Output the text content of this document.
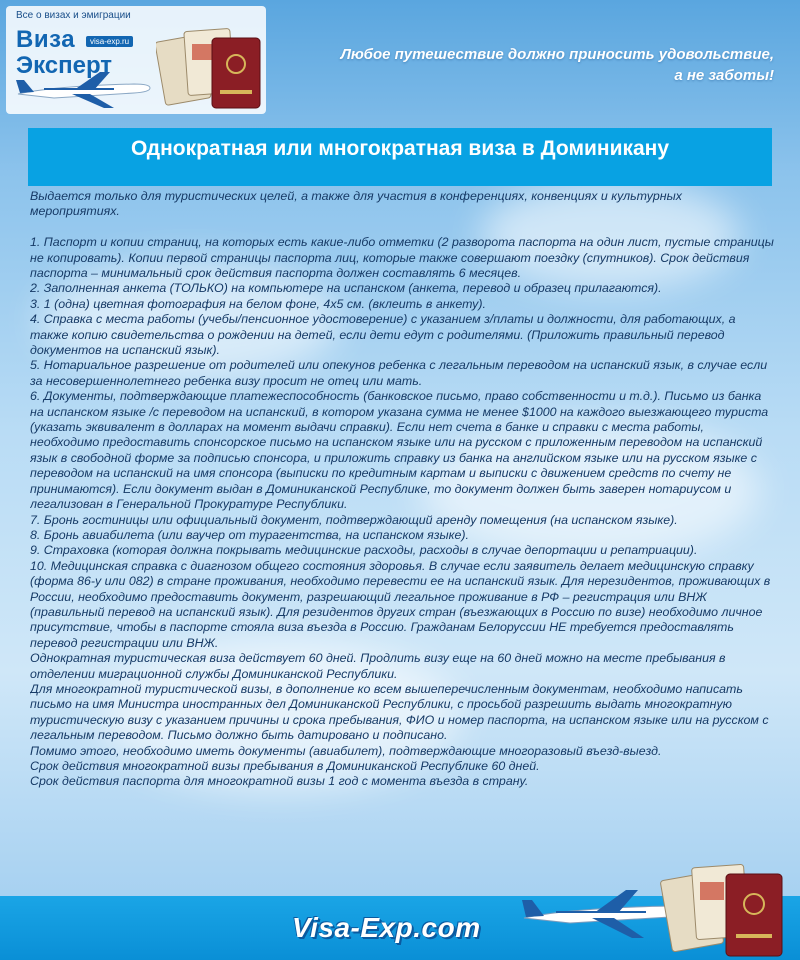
Все о визах и эмиграции
Виза	visa-exp.ru
Эксперт	Любое путешествие должно приносить удовольствие,
а не заботы!
Однократная или многократная виза в Доминикану

Выдается только для туристических целей, а также для участия в конференциях, конвенциях и культурных мероприятиях.

1. Паспорт и копии страниц, на которых есть какие-либо отметки (2 разворота паспорта на один лист, пустые страницы не копировать). Копии первой страницы паспорта лиц, которые также совершают поездку (спутников). Срок действия паспорта – минимальный срок действия паспорта должен составлять 6 месяцев.

2. Заполненная анкета (ТОЛЬКО) на компьютере на испанском (анкета, перевод и образец прилагаются).

3. 1 (одна) цветная фотография на белом фоне, 4х5 см. (вклеить в анкету).

4. Справка с места работы (учебы/пенсионное удостоверение) с указанием з/платы и должности, для работающих, а также копию свидетельства о рождении на детей, если дети едут с родителями. (Приложить правильный перевод документов на испанский язык).

5. Нотариальное разрешение от родителей или опекунов ребенка с легальным переводом на испанский язык, в случае если за несовершеннолетнего ребенка визу просит не отец или мать.

6. Документы, подтверждающие платежеспособность (банковское письмо, право собственности и т.д.). Письмо из банка на испанском языке /с переводом на испанский, в котором указана сумма не менее $1000 на каждого выезжающего туриста (указать эквивалент в долларах на момент выдачи справки). Если нет счета в банке и справки с места работы, необходимо предоставить спонсорское письмо на испанском языке или на русском с приложенным переводом на испанский язык в свободной форме за подписью спонсора, и приложить справку из банка на английском языке или на русском языке с переводом на испанский на имя спонсора (выписки по кредитным картам и выписки с движением средств по счету не принимаются). Если документ выдан в Доминиканской Республике, то документ должен быть заверен нотариусом и легализован в Генеральной Прокуратуре Республики.

7. Бронь гостиницы или официальный документ, подтверждающий аренду помещения (на испанском языке).

8. Бронь авиабилета (или ваучер от турагентства, на испанском языке).

9. Страховка (которая должна покрывать медицинские расходы, расходы в случае депортации и репатриации).

10. Медицинская справка с диагнозом общего состояния здоровья. В случае если заявитель делает медицинскую справку (форма 86-у или 082) в стране проживания, необходимо перевести ее на испанский язык. Для нерезидентов, проживающих в России, необходимо предоставить документ, разрешающий легальное проживание в РФ – регистрация или ВНЖ (правильный перевод на испанский язык). Для резидентов других стран (въезжающих в Россию по визе) необходимо личное присутствие, чтобы в паспорте стояла виза въезда в Россию. Гражданам Белоруссии НЕ требуется предоставлять перевод регистрации или ВНЖ.

Однократная туристическая виза действует 60 дней. Продлить визу еще на 60 дней можно на месте пребывания в отделении миграционной службы Доминиканской Республики.

Для многократной туристической визы, в дополнение ко всем вышеперечисленным документам, необходимо написать письмо на имя Министра иностранных дел Доминиканской Республики, с просьбой разрешить выдать многократную туристическую визу с указанием причины и срока пребывания, ФИО и номер паспорта, на испанском языке или на русском с легальным переводом. Письмо должно быть датировано и подписано.

Помимо этого, необходимо иметь документы (авиабилет), подтверждающие многоразовый въезд-выезд.

Срок действия многократной визы пребывания в Доминиканской Республике 60 дней.

Срок действия паспорта для многократной визы 1 год с момента въезда в страну.

Visa-Exp.com
